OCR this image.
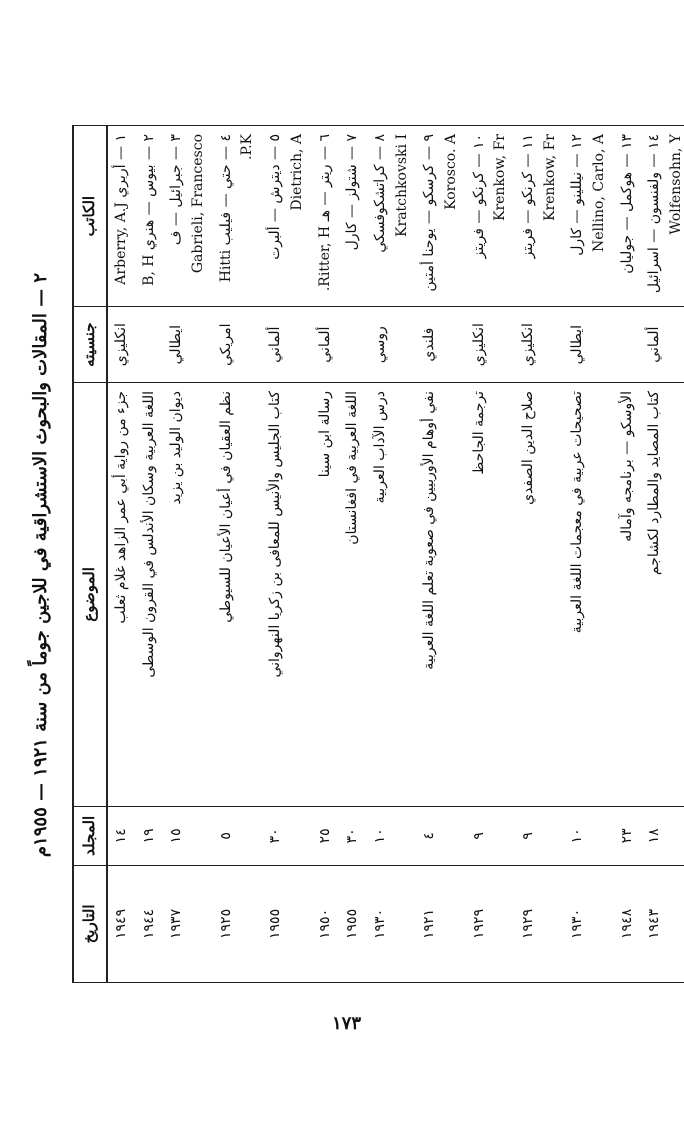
٢ — المقالات والبحوث الاستشراقية في للاجين جوماً من سنة ١٩٢١ — ١٩٥٥م
الكاتب	جنسيته	الموضوع	المجلد	التاريخ
١ — أربري Arberry, A.J	انكليزي	جزء من رواية أبي عمر الزاهد غلام ثعلب	١٤	١٩٤٩
٢ — بيوس — هنري B, H		اللغة العربية وسكان الأندلس في القرون الوسطى	١٩	١٩٤٤
٣ — جبرائيل — ف Gabrieli, Francesco	ايطالي	ديوان الوليد بن يزيد	١٥	١٩٣٧
٤ — حتي — فيليب Hitti P.K.	امريكي	نظم العقيان في أعيان الأعيان للسيوطي	٥	١٩٢٥
٥ — ديترش — ألبرت Dietrich, A	ألماني	كتاب الجليس والأنيس للمعافى بن زكريا النهرواني	٣٠	١٩٥٥
٦ — ريتر — هـ Ritter, H.	ألماني	رسالة ابن سينا	٢٥	١٩٥٠
٧ — شتولز — كارل		اللغة العربية في افغانستان	٣٠	١٩٥٥
٨ — كراتشكوفسكي Kratchkovski I	روسي	درس الآداب العربية	١٠	١٩٣٠
٩ — كرسكو — يوحنا أمتين Korosco. A	فلندي	نفي أوهام الأوربيين في صعوبة تعلم اللغة العربية	٤	١٩٢١
١٠ — كرنكو — فريتز Krenkow, Fr	انكليزي	ترجمة الجاحظ	٩	١٩٢٩
١١ — كرنكو — فريتز Krenkow, Fr	انكليزي	صلاح الدين الصفدي	٩	١٩٢٩
١٢ — نيللينو — كارل Nellino, Carlo, A	ايطالي	تصحيحات عربية في معجمات اللغة العربية	١٠	١٩٣٠
١٣ — هوكمل — جوليان		الأوسكو — برنامجه وآماله	٢٣	١٩٤٨
١٤ — ولفنسون — اسرائيل Wolfensohn, Y	ألماني	كتاب المصايد والمطارد لكشاجم	١٨	١٩٤٣
١٧٣
